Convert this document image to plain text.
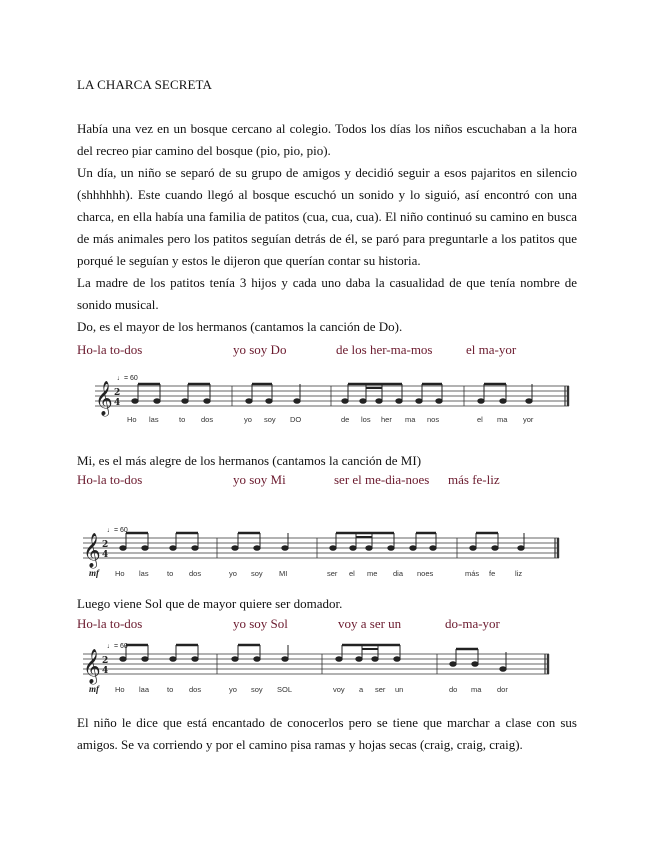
LA CHARCA SECRETA
Había una vez en un bosque cercano al colegio. Todos los días los niños escuchaban a la hora del recreo piar camino del bosque (pio, pio, pio).
Un día, un niño se separó de su grupo de amigos y decidió seguir a esos pajaritos en silencio (shhhhhh). Este cuando llegó al bosque escuchó un sonido y lo siguió, así encontró con una charca, en ella había una familia de patitos (cua, cua, cua). El niño continuó su camino en busca de más animales pero los patitos seguían detrás de él, se paró para preguntarle a los patitos que porqué le seguían y estos le dijeron que querían contar su historia.
La madre de los patitos tenía 3 hijos y cada uno daba la casualidad de que tenía nombre de sonido musical.
Do, es el mayor de los hermanos (cantamos la canción de Do).
Ho-la to-dos	yo soy Do	de los her-ma-mos	el ma-yor
𝄞 2
4
♩= 60
Ho las	to dos	yo soy DO	de los her ma nos	el ma yor
Mi, es el más alegre de los hermanos (cantamos la canción de MI)
Ho-la to-dos	yo soy Mi	ser el me-dia-noes más fe-liz
𝄞 2
4
♩= 60
mf Ho las to dos	yo soy MI	ser el me dia noes	más fe	liz
Luego viene Sol que de mayor quiere ser domador.
Ho-la to-dos	yo soy Sol	voy a ser un	do-ma-yor
𝄞 2
4
♩= 60
mf Ho laa to dos	yo soy SOL	voy a ser un	do ma dor
El niño le dice que está encantado de conocerlos pero se tiene que marchar a clase con sus amigos. Se va corriendo y por el camino pisa ramas y hojas secas (craig, craig, craig).
